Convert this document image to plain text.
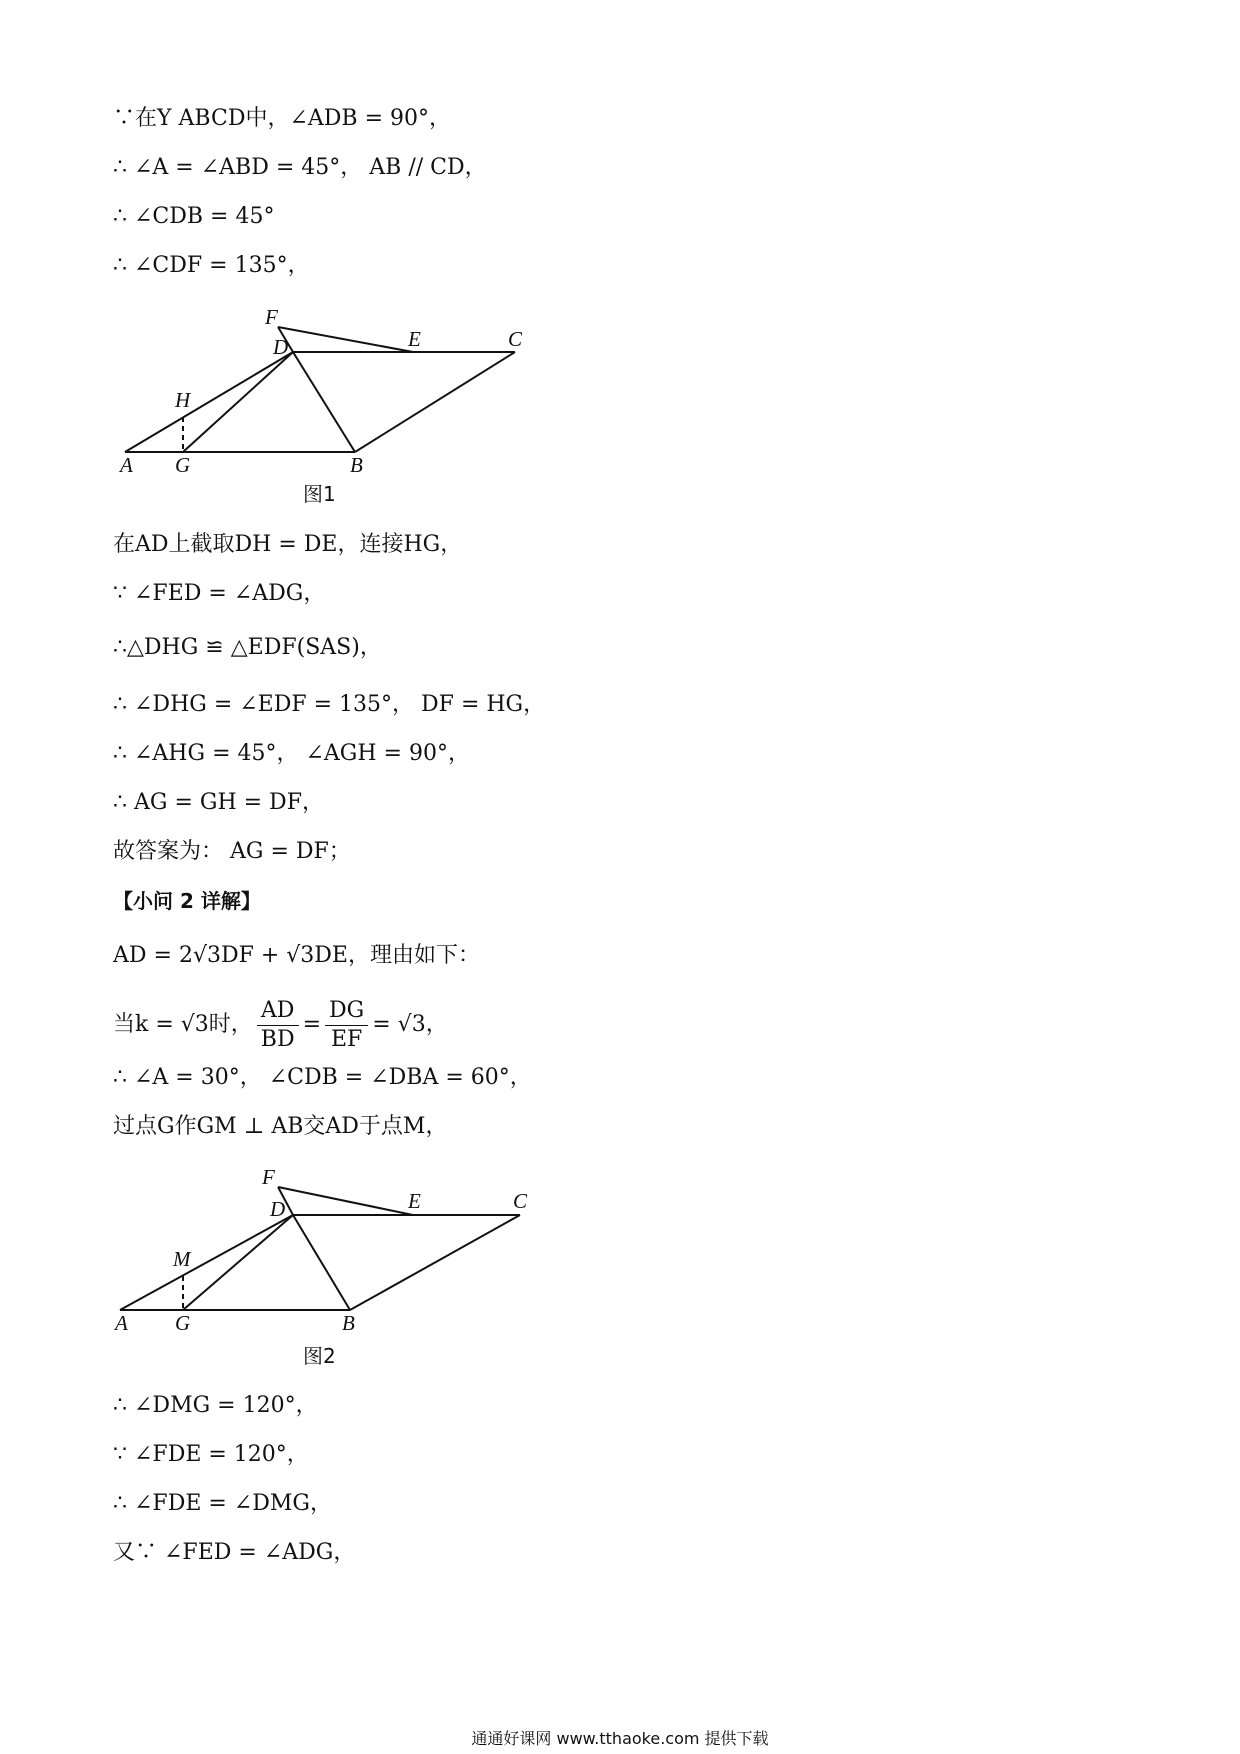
∵在Y ABCD中，∠ADB = 90°，
∴ ∠A = ∠ABD = 45°， AB // CD，
∴ ∠CDB = 45°
∴ ∠CDF = 135°，
F
D	E	C
H
A G	B
图1
在AD上截取DH = DE，连接HG，
∵ ∠FED = ∠ADG，
∴△DHG ≌ △EDF(SAS)，
∴ ∠DHG = ∠EDF = 135°， DF = HG，
∴ ∠AHG = 45°， ∠AGH = 90°，
∴ AG = GH = DF，
故答案为： AG = DF；
【小问 2 详解】
AD = 2√3DF + √3DE，理由如下：
当k = √3时， $\frac{AD}{BD} = \frac{DG}{EF} = √3$，
∴ ∠A = 30°， ∠CDB = ∠DBA = 60°，
过点G作GM ⊥ AB交AD于点M，
F
D	E	C
M
A G	B
图2
∴ ∠DMG = 120°，
∵ ∠FDE = 120°，
∴ ∠FDE = ∠DMG，
又∵ ∠FED = ∠ADG，
通通好课网 www.tthaoke.com 提供下载
